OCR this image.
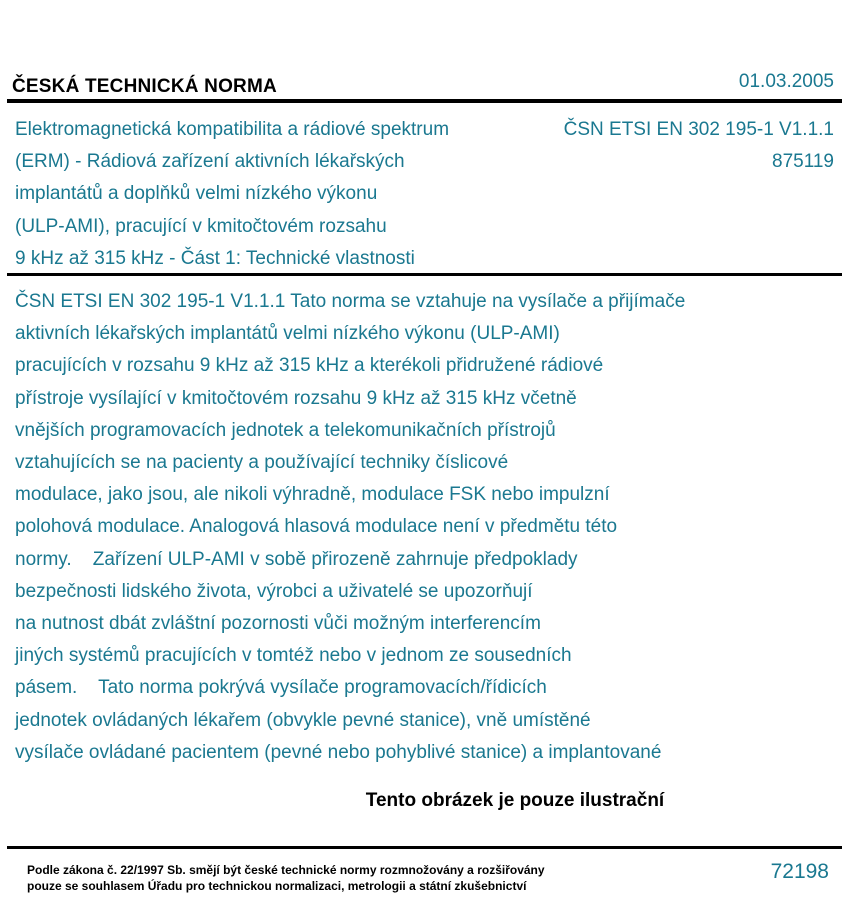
ČESKÁ TECHNICKÁ NORMA	01.03.2005
Elektromagnetická kompatibilita a rádiové spektrum
(ERM) - Rádiová zařízení aktivních lékařských
implantátů a doplňků velmi nízkého výkonu
(ULP-AMI), pracující v kmitočtovém rozsahu
9 kHz až 315 kHz - Část 1: Technické vlastnosti
ČSN ETSI EN 302 195-1 V1.1.1
875119
ČSN ETSI EN 302 195-1 V1.1.1 Tato norma se vztahuje na vysílače a přijímače
aktivních lékařských implantátů velmi nízkého výkonu (ULP-AMI)
pracujících v rozsahu 9 kHz až 315 kHz a kterékoli přidružené rádiové
přístroje vysílající v kmitočtovém rozsahu 9 kHz až 315 kHz včetně
vnějších programovacích jednotek a telekomunikačních přístrojů
vztahujících se na pacienty a používající techniky číslicové
modulace, jako jsou, ale nikoli výhradně, modulace FSK nebo impulzní
polohová modulace. Analogová hlasová modulace není v předmětu této
normy.    Zařízení ULP-AMI v sobě přirozeně zahrnuje předpoklady
bezpečnosti lidského života, výrobci a uživatelé se upozorňují
na nutnost dbát zvláštní pozornosti vůči možným interferencím
jiných systémů pracujících v tomtéž nebo v jednom ze sousedních
pásem.    Tato norma pokrývá vysílače programovacích/řídicích
jednotek ovládaných lékařem (obvykle pevné stanice), vně umístěné
vysílače ovládané pacientem (pevné nebo pohyblivé stanice) a implantované
Tento obrázek je pouze ilustrační
Podle zákona č. 22/1997 Sb. smějí být české technické normy rozmnožovány a rozšiřovány
pouze se souhlasem Úřadu pro technickou normalizaci, metrologii a státní zkušebnictví
72198
